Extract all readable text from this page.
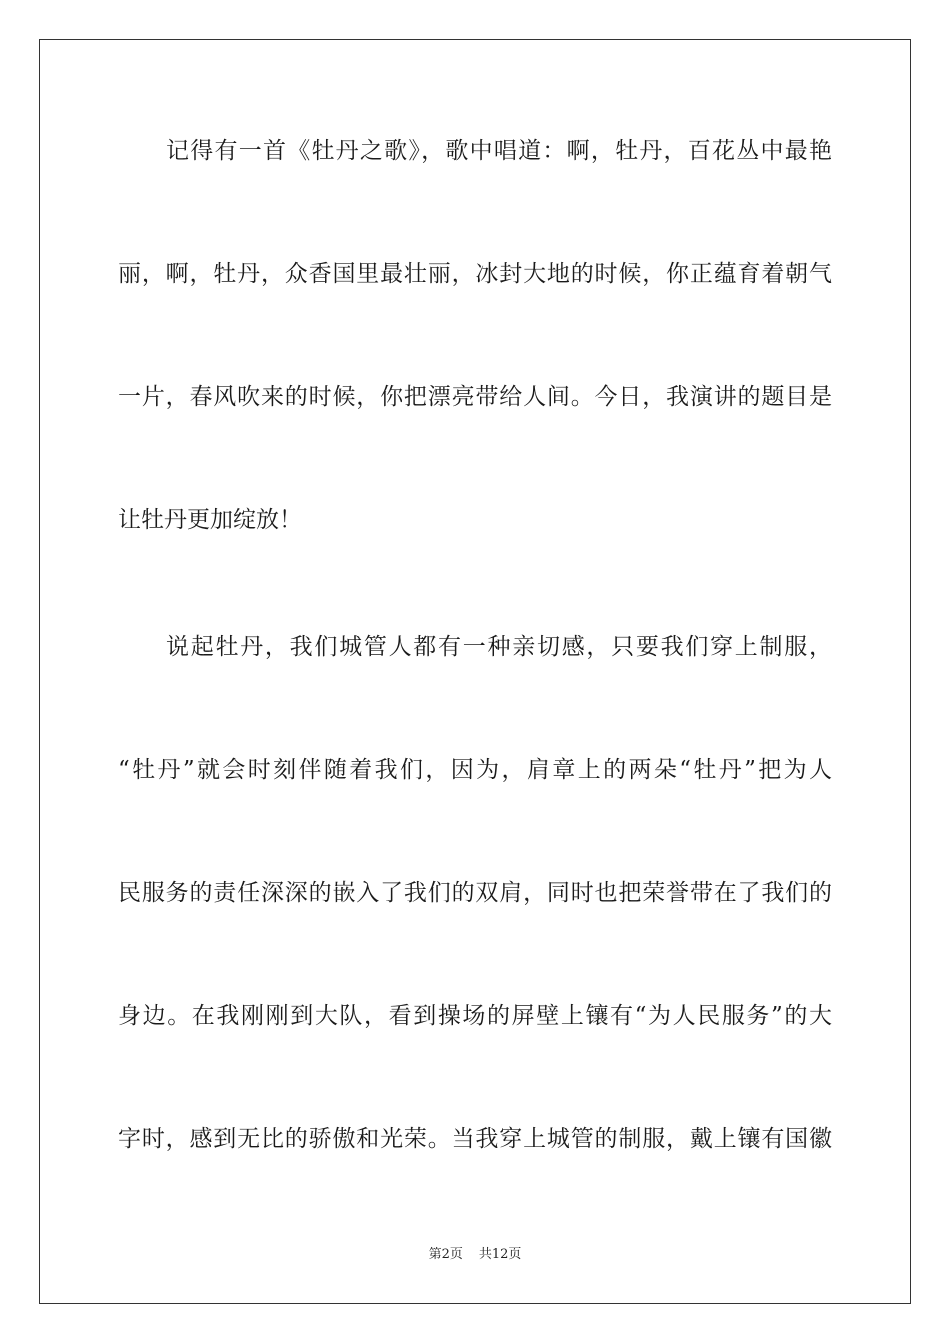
记得有一首《牡丹之歌》，歌中唱道：啊，牡丹，百花丛中最艳
丽，啊，牡丹，众香国里最壮丽，冰封大地的时候，你正蕴育着朝气
一片，春风吹来的时候，你把漂亮带给人间。今日，我演讲的题目是
让牡丹更加绽放！
说起牡丹，我们城管人都有一种亲切感，只要我们穿上制服，
“牡丹”就会时刻伴随着我们，因为，肩章上的两朵“牡丹”把为人
民服务的责任深深的嵌入了我们的双肩，同时也把荣誉带在了我们的
身边。在我刚刚到大队，看到操场的屏壁上镶有“为人民服务”的大
字时，感到无比的骄傲和光荣。当我穿上城管的制服，戴上镶有国徽
第2页 共12页
